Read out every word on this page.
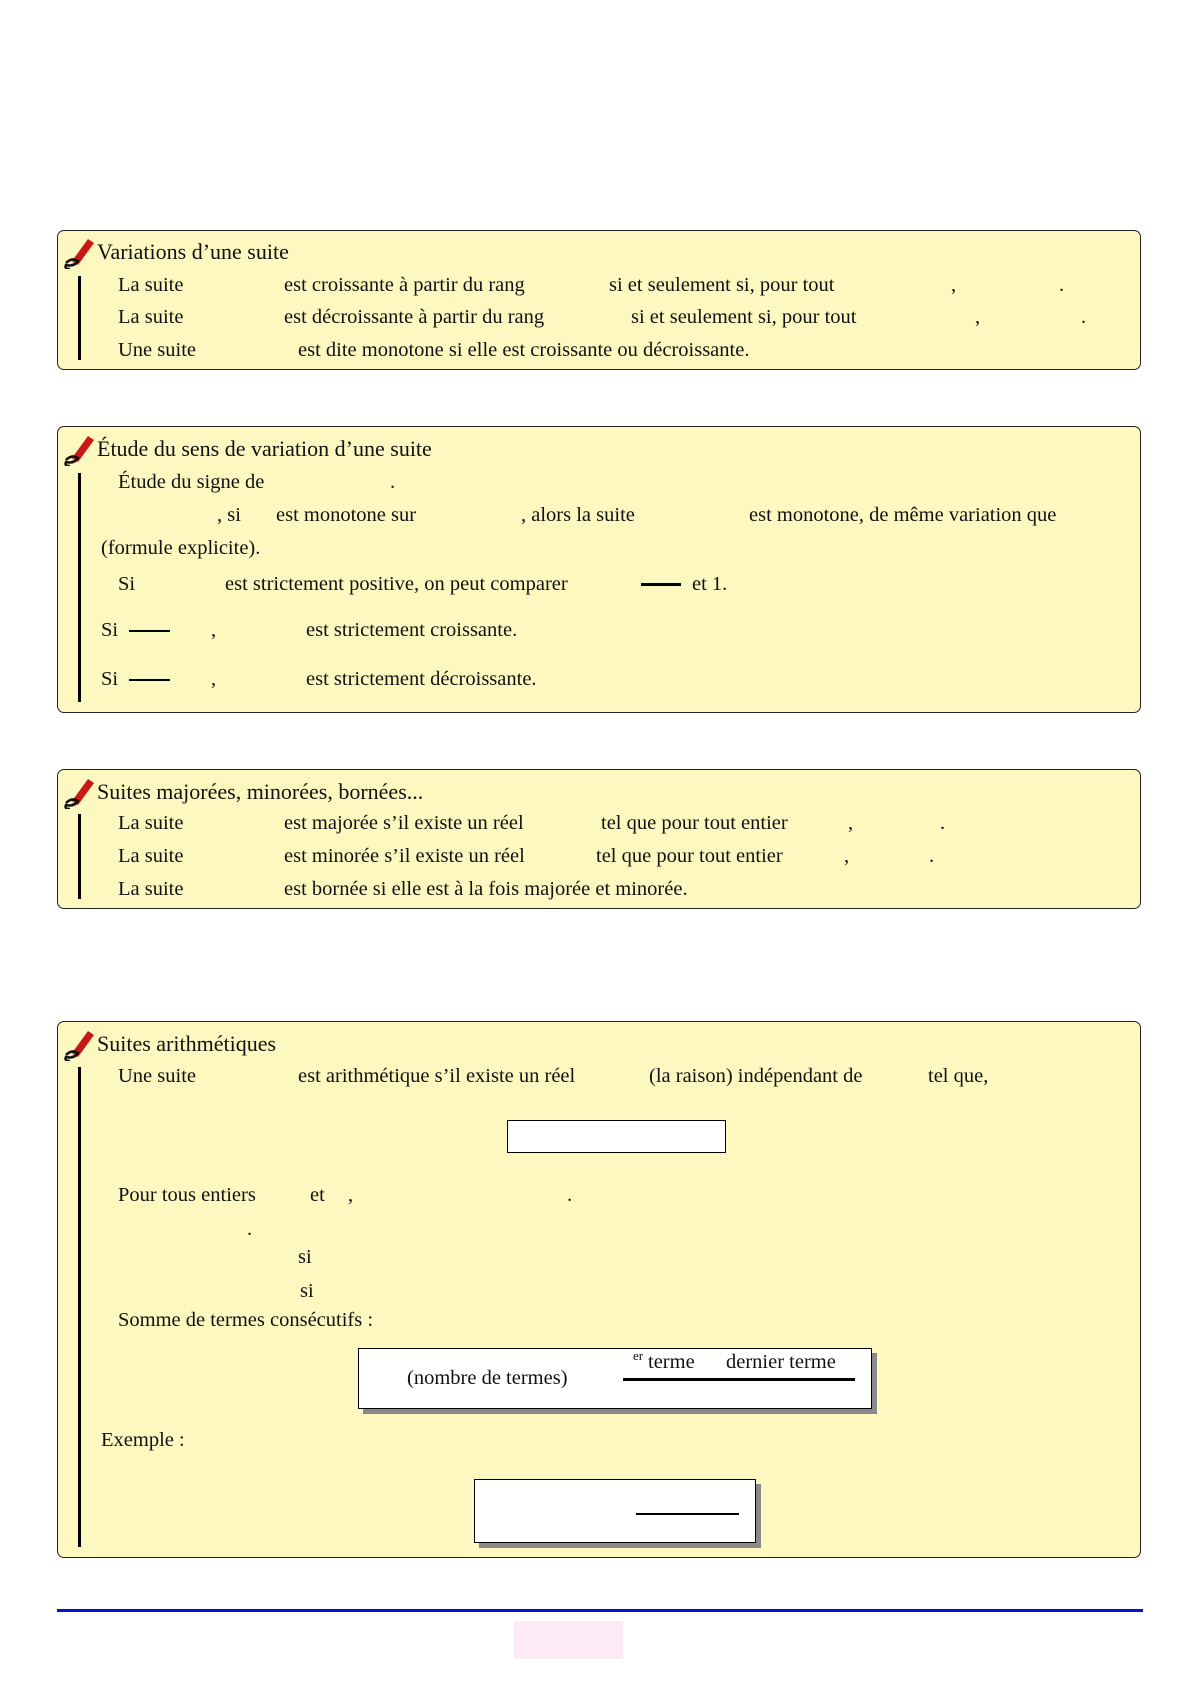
Variations d’une suite
La suite	est croissante à partir du rang	si et seulement si, pour tout	,	.
La suite	est décroissante à partir du rang	si et seulement si, pour tout	,	.
Une suite	est dite monotone si elle est croissante ou décroissante.
Étude du sens de variation d’une suite
Étude du signe de	.
, si est monotone sur	, alors la suite	est monotone, de même variation que
(formule explicite).
Si	est strictement positive, on peut comparer	et 1.
Si	,	est strictement croissante.
Si	,	est strictement décroissante.
Suites majorées, minorées, bornées...
La suite	est majorée s’il existe un réel	tel que pour tout entier	,	.
La suite	est minorée s’il existe un réel	tel que pour tout entier	,	.
La suite	est bornée si elle est à la fois majorée et minorée.
Suites arithmétiques
Une suite	est arithmétique s’il existe un réel	(la raison) indépendant de	tel que,
Pour tous entiers	et ,	.
.
si
si
Somme de termes consécutifs :
(nombre de termes)
er terme dernier terme
Exemple :
